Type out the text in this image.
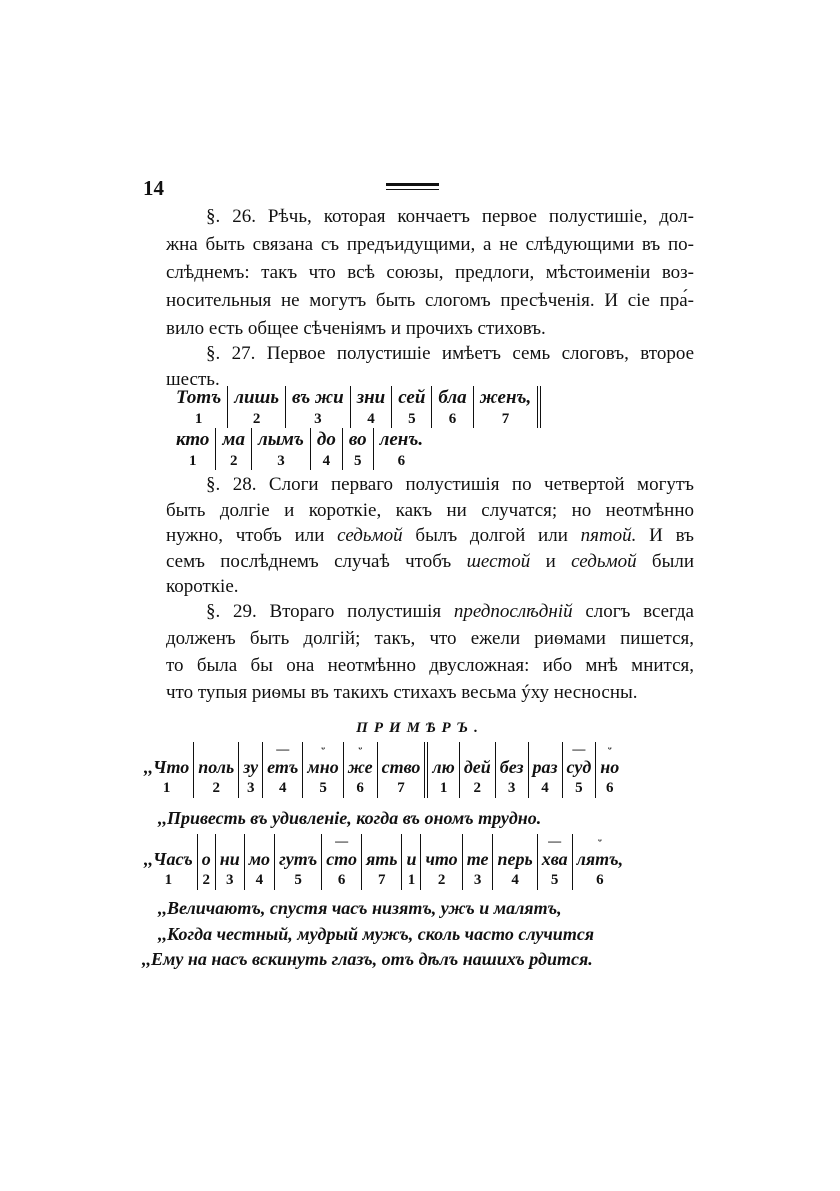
14
§. 26. Рѣчь, которая кончаетъ первое полустишіе, дол-
жна быть связана съ предъидущими, а не слѣдующими въ по-
слѣднемъ: такъ что всѣ союзы, предлоги, мѣстоименіи воз-
носительныя не могутъ быть слогомъ пресѣченія. И сіе пра́-
вило есть общее сѣченіямъ и прочихъ стиховъ.
§. 27. Первое полустишіе имѣетъ семь слоговъ, второе
шесть.
Тотъ
1
лишь
2
въ жи
3
зни
4
сей
5
бла
6
женъ,
7
кто
1
ма
2
лымъ
3
до
4
во
5
ленъ.
6
§. 28. Слоги перваго полустишія по четвертой могутъ
быть долгіе и короткіе, какъ ни случатся; но неотмѣнно
нужно, чтобъ или седьмой былъ долгой или пятой. И въ
семъ послѣднемъ случаѣ чтобъ шестой и седьмой были
короткіе.
§. 29. Втораго полустишія предпослѣдній слогъ всегда
долженъ быть долгій; такъ, что ежели риѳмами пишется,
то была бы она неотмѣнно двусложная: ибо мнѣ мнится,
что тупыя риѳмы въ такихъ стихахъ весьма ýху несносны.
ПРИМѢРЪ.
,,Что
1
поль
2
зу
3
—
етъ
4
ᵕ
мно
5
ᵕ
же
6
ство
7
лю
1
дей
2
без
3
раз
4
—
суд
5
ᵕ
но
6
,,Привесть въ удивленіе, когда въ ономъ трудно.
,,Часъ
1
о
2
ни
3
мо
4
гутъ
5
—
сто
6
ять
7
и
1
что
2
те
3
перь
4
—
хва
5
ᵕ
лятъ,
6
,,Величаютъ, спустя часъ низятъ, ужъ и малятъ,
,,Когда честный, мудрый мужъ, сколь часто случится
,,Ему на насъ вскинуть глазъ, отъ дѣлъ нашихъ рдится.
